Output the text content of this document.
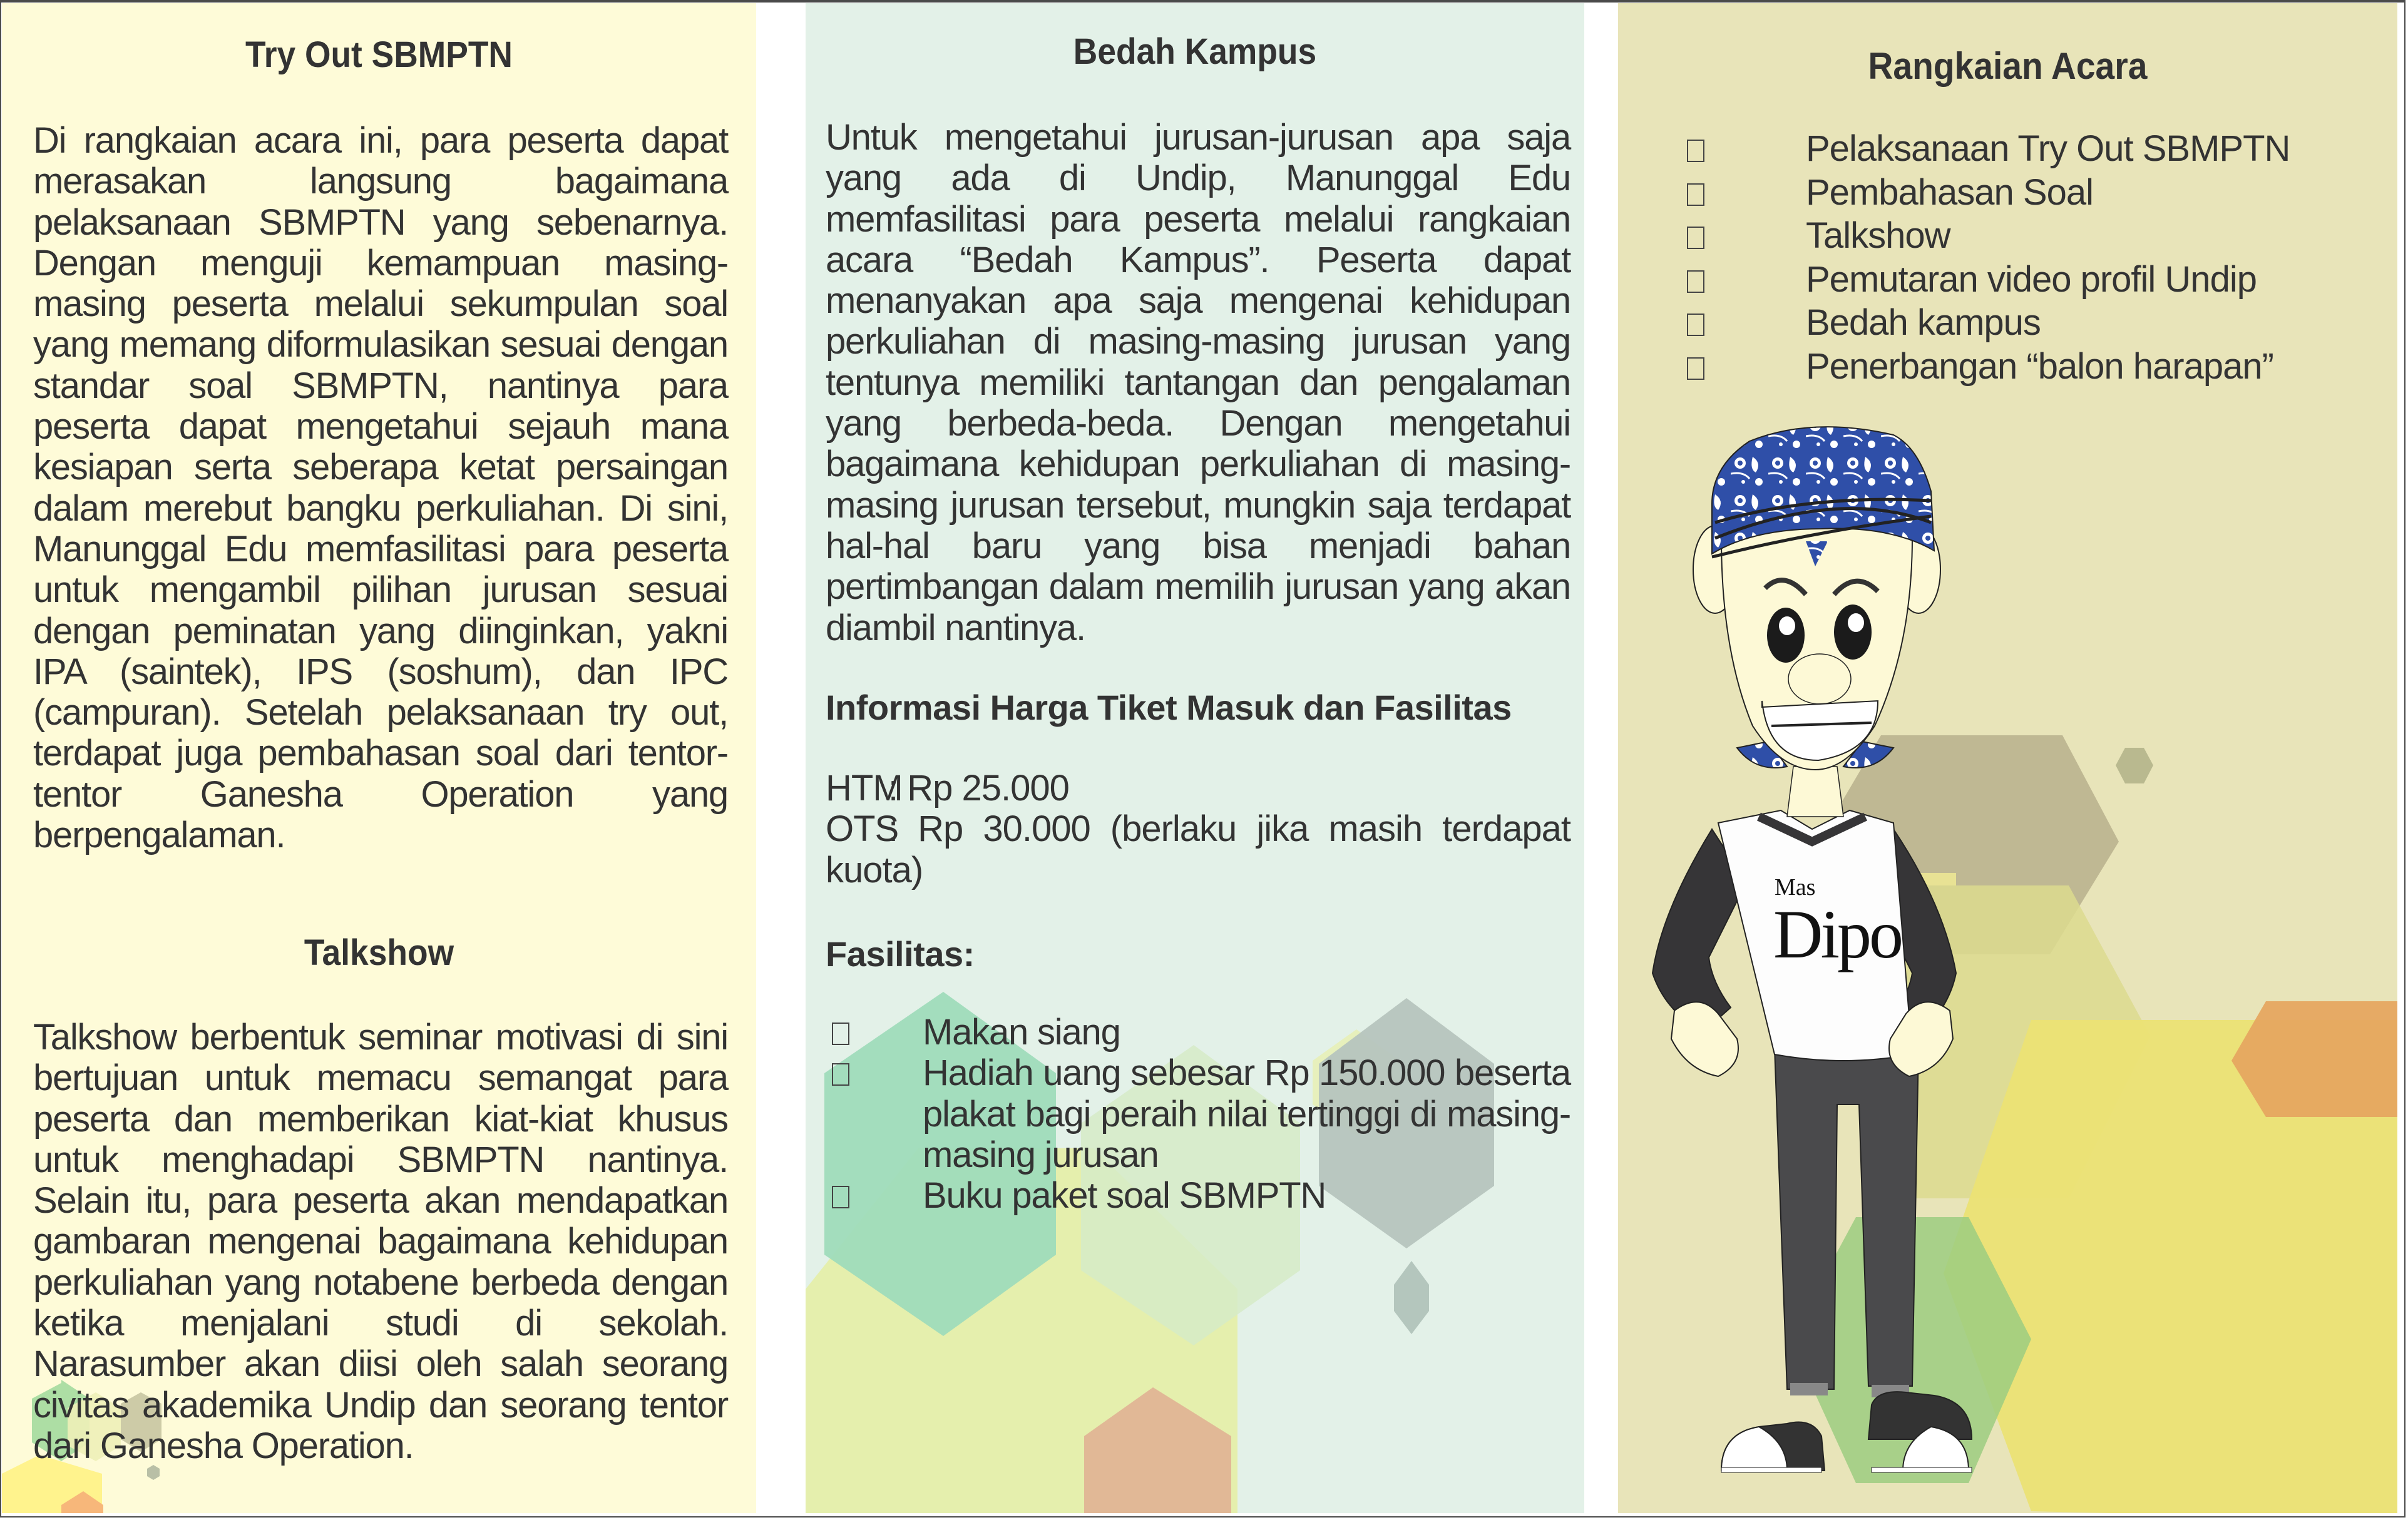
Try Out SBMPTN

Di rangkaian acara ini, para peserta dapat merasakan langsung bagaimana pelaksanaan SBMPTN yang sebenarnya. Dengan menguji kemampuan masing-masing peserta melalui sekumpulan soal yang memang diformulasikan sesuai dengan standar soal SBMPTN, nantinya para peserta dapat mengetahui sejauh mana kesiapan serta seberapa ketat persaingan dalam merebut bangku perkuliahan. Di sini, Manunggal Edu memfasilitasi para peserta untuk mengambil pilihan jurusan sesuai dengan peminatan yang diinginkan, yakni IPA (saintek), IPS (soshum), dan IPC (campuran). Setelah pelaksanaan try out, terdapat juga pembahasan soal dari tentor-tentor Ganesha Operation yang berpengalaman.

Talkshow

Talkshow berbentuk seminar motivasi di sini bertujuan untuk memacu semangat para peserta dan memberikan kiat-kiat khusus untuk menghadapi SBMPTN nantinya. Selain itu, para peserta akan mendapatkan gambaran mengenai bagaimana kehidupan perkuliahan yang notabene berbeda dengan ketika menjalani studi di sekolah. Narasumber akan diisi oleh salah seorang civitas akademika Undip dan seorang tentor dari Ganesha Operation.

Bedah Kampus

Untuk mengetahui jurusan-jurusan apa saja yang ada di Undip, Manunggal Edu memfasilitasi para peserta melalui rangkaian acara “Bedah Kampus”. Peserta dapat menanyakan apa saja mengenai kehidupan perkuliahan di masing-masing jurusan yang tentunya memiliki tantangan dan pengalaman yang berbeda-beda. Dengan mengetahui bagaimana kehidupan perkuliahan di masing-masing jurusan tersebut, mungkin saja terdapat hal-hal baru yang bisa menjadi bahan pertimbangan dalam memilih jurusan yang akan diambil nantinya.

Informasi Harga Tiket Masuk dan Fasilitas

HTM: Rp 25.000
OTS: Rp 30.000 (berlaku jika masih terdapat kuota)

Fasilitas:

Makan siang
Hadiah uang sebesar Rp 150.000 beserta plakat bagi peraih nilai tertinggi di masing-masing jurusan
Buku paket soal SBMPTN
Rangkaian Acara
Pelaksanaan Try Out SBMPTN
Pembahasan Soal
Talkshow
Pemutaran video profil Undip
Bedah kampus
Penerbangan “balon harapan”
Mas
Dipo
